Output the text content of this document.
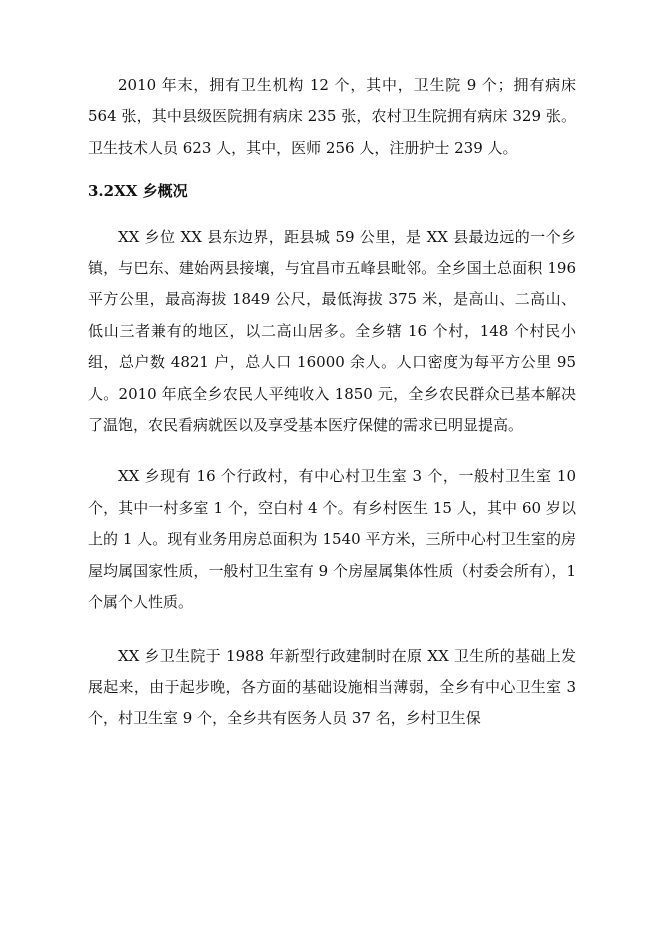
2010 年末，拥有卫生机构 12 个，其中，卫生院 9 个；拥有病床 564 张，其中县级医院拥有病床 235 张，农村卫生院拥有病床 329 张。卫生技术人员 623 人，其中，医师 256 人，注册护士 239 人。

3.2XX 乡概况

XX 乡位 XX 县东边界，距县城 59 公里，是 XX 县最边远的一个乡镇，与巴东、建始两县接壤，与宜昌市五峰县毗邻。全乡国土总面积 196 平方公里，最高海拔 1849 公尺，最低海拔 375 米，是高山、二高山、低山三者兼有的地区，以二高山居多。全乡辖 16 个村，148 个村民小组，总户数 4821 户，总人口 16000 余人。人口密度为每平方公里 95 人。2010 年底全乡农民人平纯收入 1850 元，全乡农民群众已基本解决了温饱，农民看病就医以及享受基本医疗保健的需求已明显提高。

XX 乡现有 16 个行政村，有中心村卫生室 3 个，一般村卫生室 10 个，其中一村多室 1 个，空白村 4 个。有乡村医生 15 人，其中 60 岁以上的 1 人。现有业务用房总面积为 1540 平方米，三所中心村卫生室的房屋均属国家性质，一般村卫生室有 9 个房屋属集体性质（村委会所有），1 个属个人性质。

XX 乡卫生院于 1988 年新型行政建制时在原 XX 卫生所的基础上发展起来，由于起步晚，各方面的基础设施相当薄弱，全乡有中心卫生室 3 个，村卫生室 9 个，全乡共有医务人员 37 名，乡村卫生保
